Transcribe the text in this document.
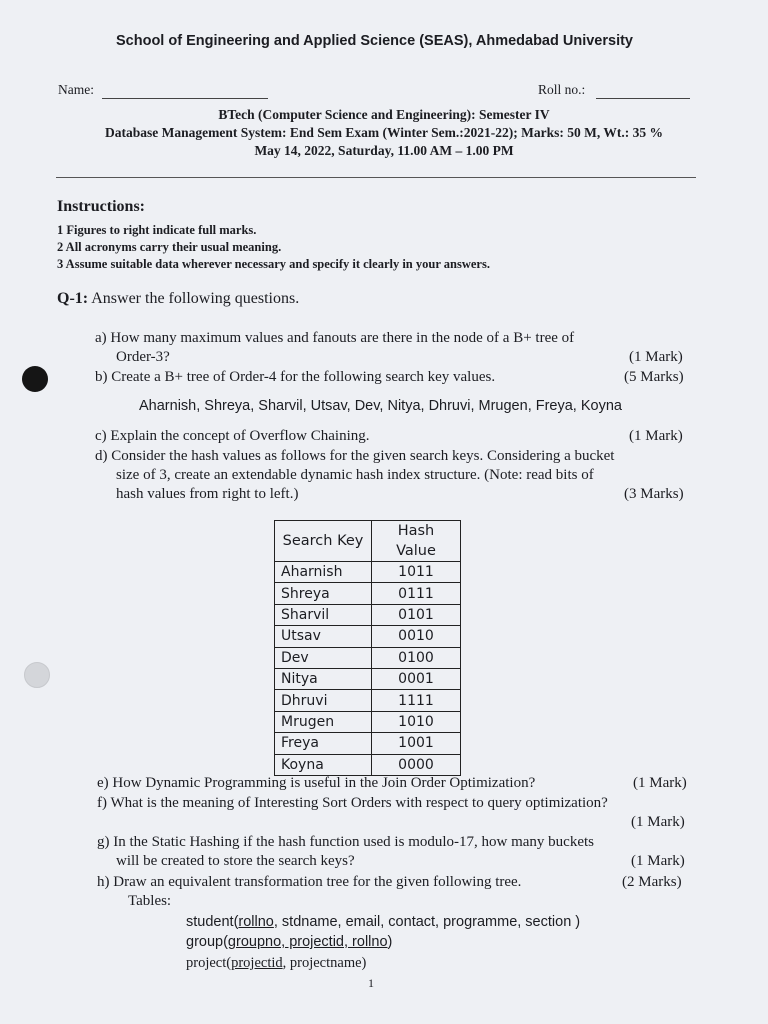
School of Engineering and Applied Science (SEAS), Ahmedabad University
Name:	Roll no.:
BTech (Computer Science and Engineering): Semester IV
Database Management System: End Sem Exam (Winter Sem.:2021-22); Marks: 50 M, Wt.: 35 %
May 14, 2022, Saturday, 11.00 AM – 1.00 PM
Instructions:
1 Figures to right indicate full marks.
2 All acronyms carry their usual meaning.
3 Assume suitable data wherever necessary and specify it clearly in your answers.
Q-1: Answer the following questions.
a) How many maximum values and fanouts are there in the node of a B+ tree of
Order-3?	(1 Mark)
b) Create a B+ tree of Order-4 for the following search key values.	(5 Marks)
Aharnish, Shreya, Sharvil, Utsav, Dev, Nitya, Dhruvi, Mrugen, Freya, Koyna
c) Explain the concept of Overflow Chaining.	(1 Mark)
d) Consider the hash values as follows for the given search keys. Considering a bucket
size of 3, create an extendable dynamic hash index structure. (Note: read bits of
hash values from right to left.)	(3 Marks)
Search Key	Hash Value
Aharnish	1011
Shreya	0111
Sharvil	0101
Utsav	0010
Dev	0100
Nitya	0001
Dhruvi	1111
Mrugen	1010
Freya	1001
Koyna	0000
e) How Dynamic Programming is useful in the Join Order Optimization?	(1 Mark)
f) What is the meaning of Interesting Sort Orders with respect to query optimization?
(1 Mark)
g) In the Static Hashing if the hash function used is modulo-17, how many buckets
will be created to store the search keys?	(1 Mark)
h) Draw an equivalent transformation tree for the given following tree.	(2 Marks)
Tables:
student(rollno, stdname, email, contact, programme, section )
group(groupno, projectid, rollno)
project(projectid, projectname)
1
